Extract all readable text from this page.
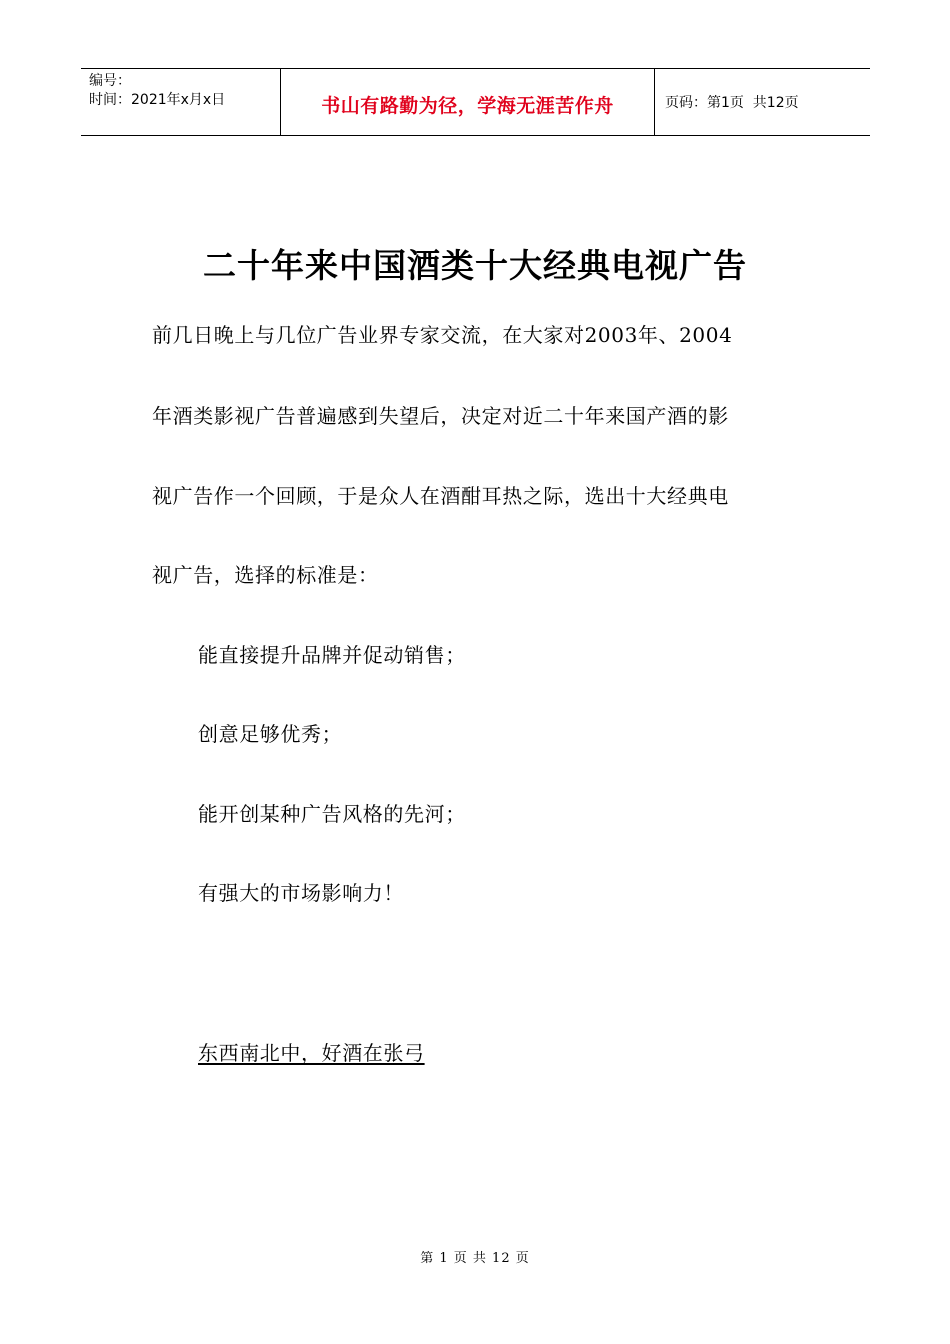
编号：
时间：2021年x月x日	书山有路勤为径，学海无涯苦作舟	页码：第1页  共12页
二十年来中国酒类十大经典电视广告
前几日晚上与几位广告业界专家交流，在大家对2003年、2004
年酒类影视广告普遍感到失望后，决定对近二十年来国产酒的影
视广告作一个回顾，于是众人在酒酣耳热之际，选出十大经典电
视广告，选择的标准是：
能直接提升品牌并促动销售；
创意足够优秀；
能开创某种广告风格的先河；
有强大的市场影响力！
东西南北中，好酒在张弓
第 1 页 共 12 页
